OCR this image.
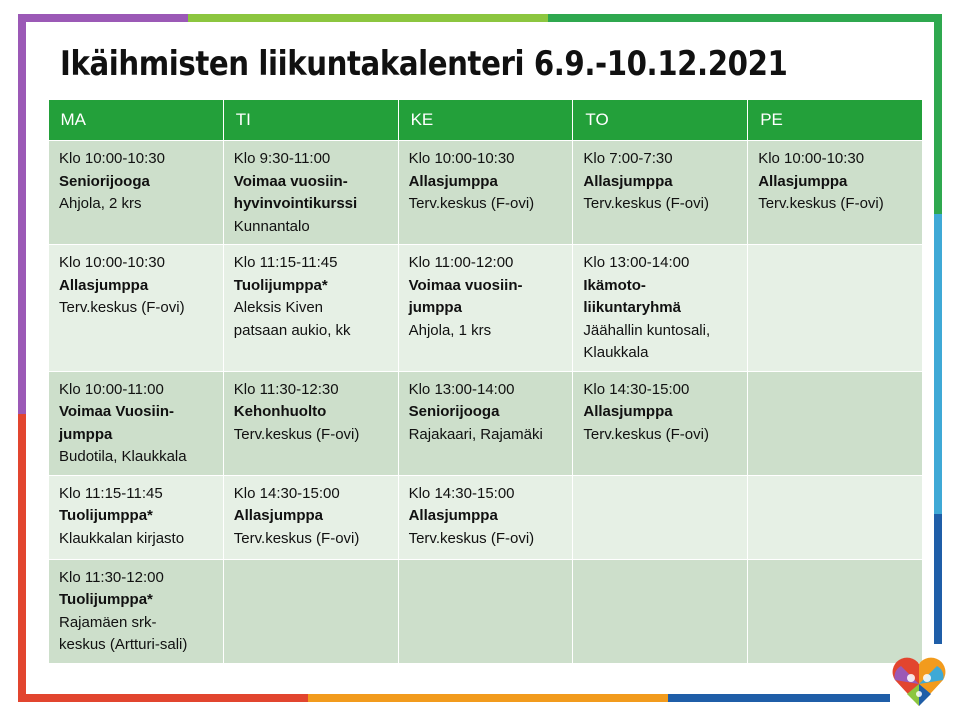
Ikäihmisten liikuntakalenteri 6.9.-10.12.2021
MA	TI	KE	TO	PE

Klo 10:00-10:30
Seniorijooga
Ahjola, 2 krs	Klo 9:30-11:00
Voimaa vuosiin-
hyvinvointikurssi
Kunnantalo	Klo 10:00-10:30
Allasjumppa
Terv.keskus (F-ovi)	Klo 7:00-7:30
Allasjumppa
Terv.keskus (F-ovi)	Klo 10:00-10:30
Allasjumppa
Terv.keskus (F-ovi)

Klo 10:00-10:30
Allasjumppa
Terv.keskus (F-ovi)	Klo 11:15-11:45
Tuolijumppa*
Aleksis Kiven
patsaan aukio, kk	Klo 11:00-12:00
Voimaa vuosiin-
jumppa
Ahjola, 1 krs	Klo 13:00-14:00
Ikämoto-
liikuntaryhmä
Jäähallin kuntosali,
Klaukkala	

Klo 10:00-11:00
Voimaa Vuosiin-
jumppa
Budotila, Klaukkala	Klo 11:30-12:30
Kehonhuolto
Terv.keskus (F-ovi)	Klo 13:00-14:00
Seniorijooga
Rajakaari, Rajamäki	Klo 14:30-15:00
Allasjumppa
Terv.keskus (F-ovi)	

Klo 11:15-11:45
Tuolijumppa*
Klaukkalan kirjasto	Klo 14:30-15:00
Allasjumppa
Terv.keskus (F-ovi)	Klo 14:30-15:00
Allasjumppa
Terv.keskus (F-ovi)		

Klo 11:30-12:00
Tuolijumppa*
Rajamäen srk-
keskus (Artturi-sali)				
